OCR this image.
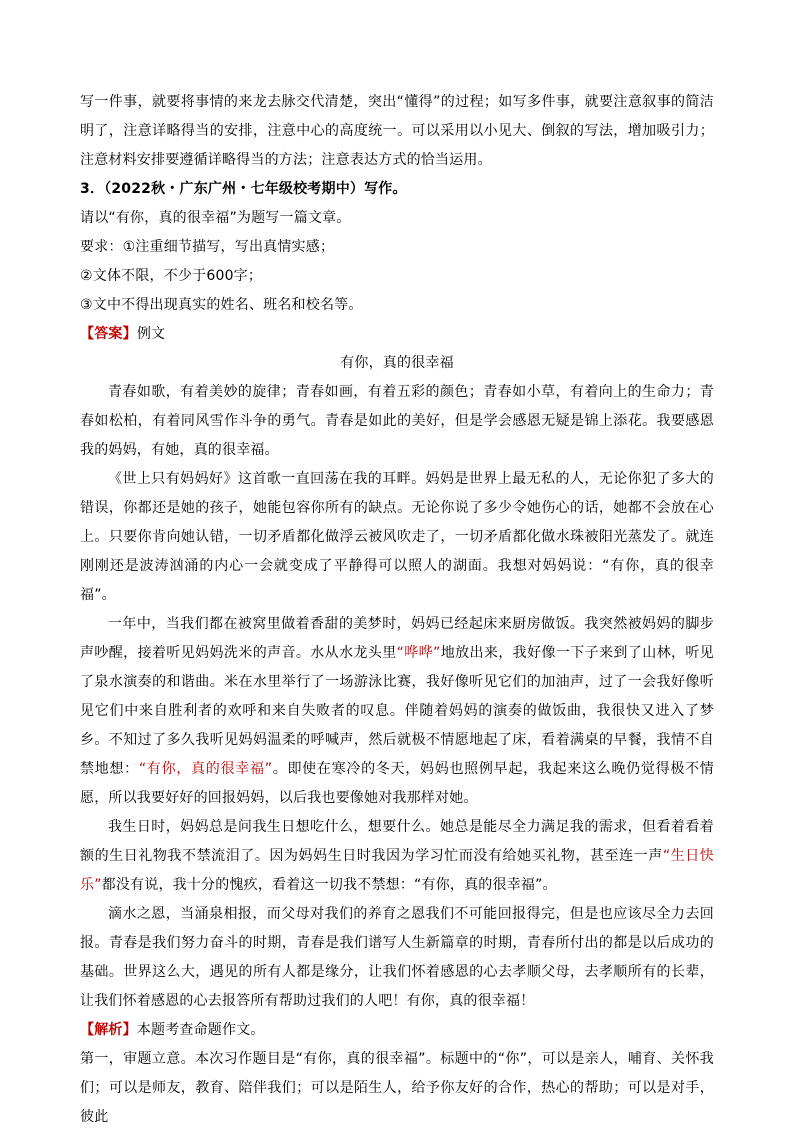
写一件事，就要将事情的来龙去脉交代清楚，突出“懂得”的过程；如写多件事，就要注意叙事的简洁明了，注意详略得当的安排，注意中心的高度统一。可以采用以小见大、倒叙的写法，增加吸引力；注意材料安排要遵循详略得当的方法；注意表达方式的恰当运用。

3．（2022秋・广东广州・七年级校考期中）写作。

请以“有你，真的很幸福”为题写一篇文章。

要求：①注重细节描写，写出真情实感；

②文体不限，不少于600字；

③文中不得出现真实的姓名、班名和校名等。

【答案】例文

有你，真的很幸福

青春如歌，有着美妙的旋律；青春如画，有着五彩的颜色；青春如小草，有着向上的生命力；青春如松柏，有着同风雪作斗争的勇气。青春是如此的美好，但是学会感恩无疑是锦上添花。我要感恩我的妈妈，有她，真的很幸福。

《世上只有妈妈好》这首歌一直回荡在我的耳畔。妈妈是世界上最无私的人，无论你犯了多大的错误，你都还是她的孩子，她能包容你所有的缺点。无论你说了多少令她伤心的话，她都不会放在心上。只要你肯向她认错，一切矛盾都化做浮云被风吹走了，一切矛盾都化做水珠被阳光蒸发了。就连刚刚还是波涛汹涌的内心一会就变成了平静得可以照人的湖面。我想对妈妈说：“有你，真的很幸福”。

一年中，当我们都在被窝里做着香甜的美梦时，妈妈已经起床来厨房做饭。我突然被妈妈的脚步声吵醒，接着听见妈妈洗米的声音。水从水龙头里“哗哗”地放出来，我好像一下子来到了山林，听见了泉水演奏的和谐曲。米在水里举行了一场游泳比赛，我好像听见它们的加油声，过了一会我好像听见它们中来自胜利者的欢呼和来自失败者的叹息。伴随着妈妈的演奏的做饭曲，我很快又进入了梦乡。不知过了多久我听见妈妈温柔的呼喊声，然后就极不情愿地起了床，看着满桌的早餐，我情不自禁地想：“有你，真的很幸福”。即使在寒冷的冬天，妈妈也照例早起，我起来这么晚仍觉得极不情愿，所以我要好好的回报妈妈，以后我也要像她对我那样对她。

我生日时，妈妈总是问我生日想吃什么，想要什么。她总是能尽全力满足我的需求，但看着看着额的生日礼物我不禁流泪了。因为妈妈生日时我因为学习忙而没有给她买礼物，甚至连一声“生日快乐”都没有说，我十分的愧疚，看着这一切我不禁想：“有你，真的很幸福”。

滴水之恩，当涌泉相报，而父母对我们的养育之恩我们不可能回报得完，但是也应该尽全力去回报。青春是我们努力奋斗的时期，青春是我们谱写人生新篇章的时期，青春所付出的都是以后成功的基础。世界这么大，遇见的所有人都是缘分，让我们怀着感恩的心去孝顺父母，去孝顺所有的长辈，让我们怀着感恩的心去报答所有帮助过我们的人吧！有你，真的很幸福！

【解析】本题考查命题作文。

第一，审题立意。本次习作题目是“有你，真的很幸福”。标题中的“你”，可以是亲人，哺育、关怀我们；可以是师友，教育、陪伴我们；可以是陌生人，给予你友好的合作，热心的帮助；可以是对手，彼此
